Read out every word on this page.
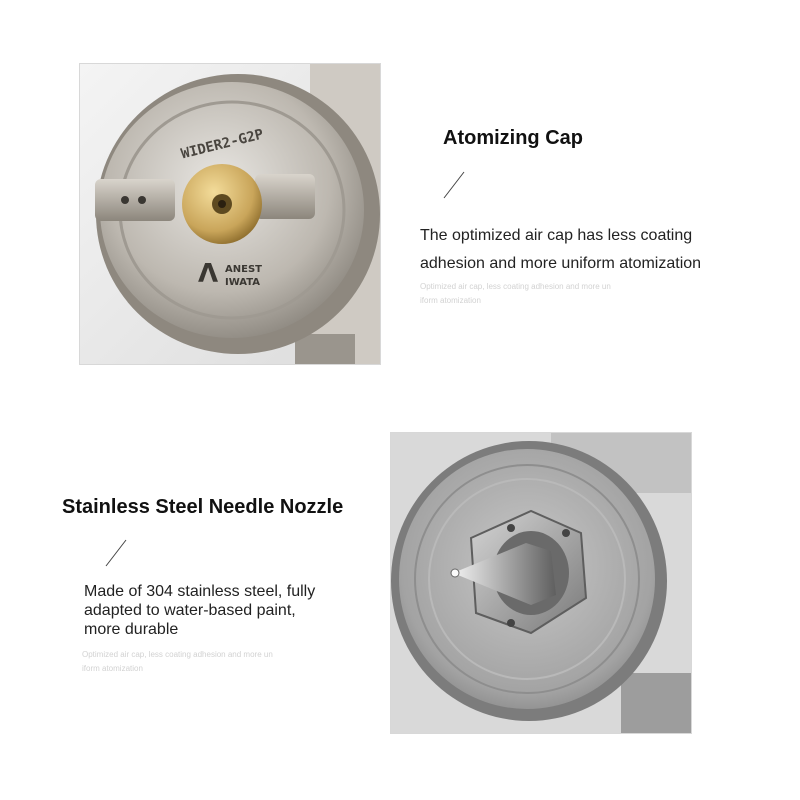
WIDER2-G2P
Λ ANEST
IWATA
Atomizing Cap
The optimized air cap has less coating
adhesion and more uniform atomization
Optimized air cap, less coating adhesion and more un
iform atomization
Stainless Steel Needle Nozzle
Made of 304 stainless steel, fully
adapted to water-based paint,
more durable
Optimized air cap, less coating adhesion and more un
iform atomization
